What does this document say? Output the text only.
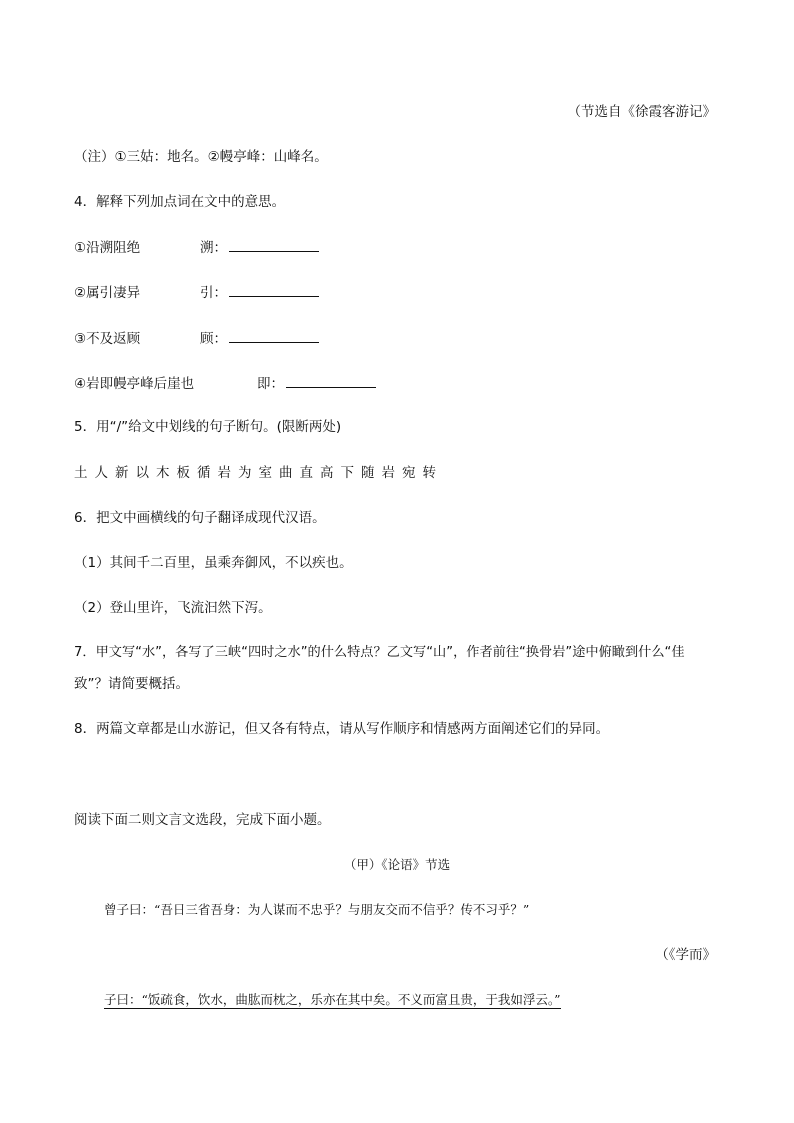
（节选自《徐霞客游记》
（注）①三姑：地名。②幔亭峰：山峰名。
4．解释下列加点词在文中的意思。
①沿溯阻绝	溯：
②属引凄异	引：
③不及返顾	顾：
④岩即幔亭峰后崖也	即：
5．用“/”给文中划线的句子断句。(限断两处)
土人新以木板循岩为室曲直高下随岩宛转
6．把文中画横线的句子翻译成现代汉语。
（1）其间千二百里，虽乘奔御风，不以疾也。
（2）登山里许，飞流汩然下泻。
7．甲文写“水”，各写了三峡“四时之水”的什么特点？乙文写“山”，作者前往“换骨岩”途中俯瞰到什么“佳
致”？请简要概括。
8．两篇文章都是山水游记，但又各有特点，请从写作顺序和情感两方面阐述它们的异同。
阅读下面二则文言文选段，完成下面小题。
（甲）《论语》节选
曾子曰：“吾日三省吾身：为人谋而不忠乎？与朋友交而不信乎？传不习乎？”
（《学而》
子曰：“饭疏食，饮水，曲肱而枕之，乐亦在其中矣。不义而富且贵，于我如浮云。”
